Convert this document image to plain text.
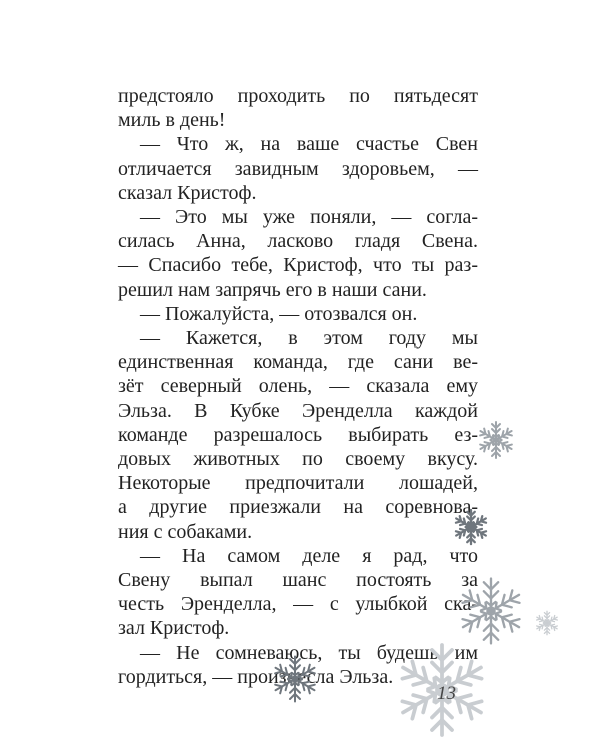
предстояло проходить по пятьдесят
миль в день!

— Что ж, на ваше счастье Свен
отличается завидным здоровьем, —
сказал Кристоф.

— Это мы уже поняли, — согла-
силась Анна, ласково гладя Свена.
— Спасибо тебе, Кристоф, что ты раз-
решил нам запрячь его в наши сани.

— Пожалуйста, — отозвался он.

— Кажется, в этом году мы
единственная команда, где сани ве-
зёт северный олень, — сказала ему
Эльза. В Кубке Эренделла каждой
команде разрешалось выбирать ез-
довых животных по своему вкусу.
Некоторые предпочитали лошадей,
а другие приезжали на соревнова-
ния с собаками.

— На самом деле я рад, что
Свену выпал шанс постоять за
честь Эренделла, — с улыбкой ска-
зал Кристоф.

— Не сомневаюсь, ты будешь им
гордиться, — произнесла Эльза.

13
